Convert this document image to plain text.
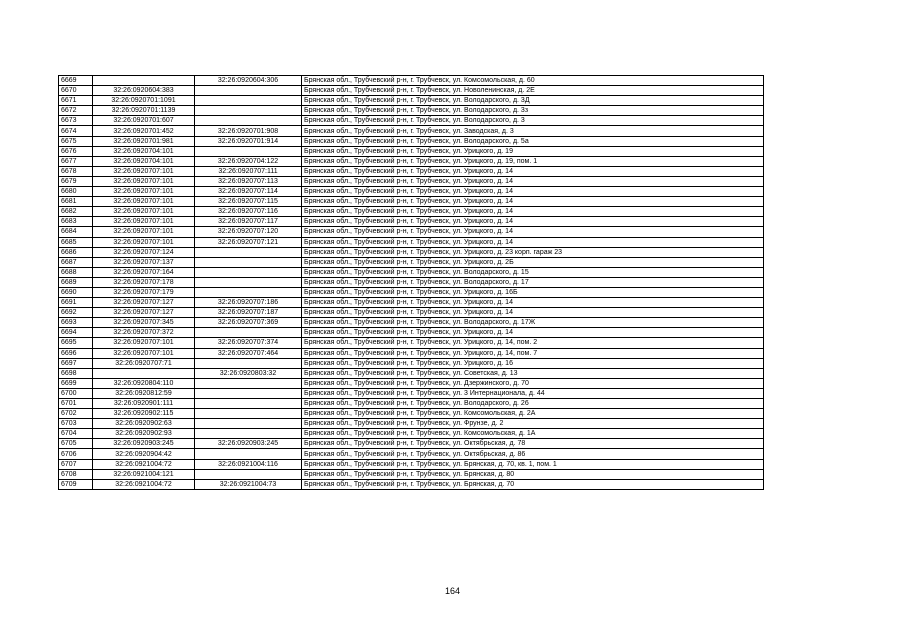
6669		32:26:0920604:306	Брянская обл., Трубчевский р-н, г. Трубчевск, ул. Комсомольская, д. 60
6670	32:26:0920604:383		Брянская обл., Трубчевский р-н, г. Трубчевск, ул. Новоленинская, д. 2Е
6671	32:26:0920701:1091		Брянская обл., Трубчевский р-н, г. Трубчевск, ул. Володарского, д. 3Д
6672	32:26:0920701:1139		Брянская обл., Трубчевский р-н, г. Трубчевск, ул. Володарского, д. 3з
6673	32:26:0920701:607		Брянская обл., Трубчевский р-н, г. Трубчевск, ул. Володарского, д. 3
6674	32:26:0920701:452	32:26:0920701:908	Брянская обл., Трубчевский р-н, г. Трубчевск, ул. Заводская, д. 3
6675	32:26:0920701:981	32:26:0920701:914	Брянская обл., Трубчевский р-н, г. Трубчевск, ул. Володарского, д. 5а
6676	32:26:0920704:101		Брянская обл., Трубчевский р-н, г. Трубчевск, ул. Урицкого, д. 19
6677	32:26:0920704:101	32:26:0920704:122	Брянская обл., Трубчевский р-н, г. Трубчевск, ул. Урицкого, д. 19, пом. 1
6678	32:26:0920707:101	32:26:0920707:111	Брянская обл., Трубчевский р-н, г. Трубчевск, ул. Урицкого, д. 14
6679	32:26:0920707:101	32:26:0920707:113	Брянская обл., Трубчевский р-н, г. Трубчевск, ул. Урицкого, д. 14
6680	32:26:0920707:101	32:26:0920707:114	Брянская обл., Трубчевский р-н, г. Трубчевск, ул. Урицкого, д. 14
6681	32:26:0920707:101	32:26:0920707:115	Брянская обл., Трубчевский р-н, г. Трубчевск, ул. Урицкого, д. 14
6682	32:26:0920707:101	32:26:0920707:116	Брянская обл., Трубчевский р-н, г. Трубчевск, ул. Урицкого, д. 14
6683	32:26:0920707:101	32:26:0920707:117	Брянская обл., Трубчевский р-н, г. Трубчевск, ул. Урицкого, д. 14
6684	32:26:0920707:101	32:26:0920707:120	Брянская обл., Трубчевский р-н, г. Трубчевск, ул. Урицкого, д. 14
6685	32:26:0920707:101	32:26:0920707:121	Брянская обл., Трубчевский р-н, г. Трубчевск, ул. Урицкого, д. 14
6686	32:26:0920707:124		Брянская обл., Трубчевский р-н, г. Трубчевск, ул. Урицкого, д. 23 корп. гараж 23
6687	32:26:0920707:137		Брянская обл., Трубчевский р-н, г. Трубчевск, ул. Урицкого, д. 2Б
6688	32:26:0920707:164		Брянская обл., Трубчевский р-н, г. Трубчевск, ул. Володарского, д. 15
6689	32:26:0920707:178		Брянская обл., Трубчевский р-н, г. Трубчевск, ул. Володарского, д. 17
6690	32:26:0920707:179		Брянская обл., Трубчевский р-н, г. Трубчевск, ул. Урицкого, д. 16Б
6691	32:26:0920707:127	32:26:0920707:186	Брянская обл., Трубчевский р-н, г. Трубчевск, ул. Урицкого, д. 14
6692	32:26:0920707:127	32:26:0920707:187	Брянская обл., Трубчевский р-н, г. Трубчевск, ул. Урицкого, д. 14
6693	32:26:0920707:345	32:26:0920707:369	Брянская обл., Трубчевский р-н, г. Трубчевск, ул. Володарского, д. 17Ж
6694	32:26:0920707:372		Брянская обл., Трубчевский р-н, г. Трубчевск, ул. Урицкого, д. 14
6695	32:26:0920707:101	32:26:0920707:374	Брянская обл., Трубчевский р-н, г. Трубчевск, ул. Урицкого, д. 14, пом. 2
6696	32:26:0920707:101	32:26:0920707:464	Брянская обл., Трубчевский р-н, г. Трубчевск, ул. Урицкого, д. 14, пом. 7
6697	32:26:0920707:71		Брянская обл., Трубчевский р-н, г. Трубчевск, ул. Урицкого, д. 16
6698		32:26:0920803:32	Брянская обл., Трубчевский р-н, г. Трубчевск, ул. Советская, д. 13
6699	32:26:0920804:110		Брянская обл., Трубчевский р-н, г. Трубчевск, ул. Дзержинского, д. 70
6700	32:26:0920812:59		Брянская обл., Трубчевский р-н, г. Трубчевск, ул. 3 Интернационала, д. 44
6701	32:26:0920901:111		Брянская обл., Трубчевский р-н, г. Трубчевск, ул. Володарского, д. 26
6702	32:26:0920902:115		Брянская обл., Трубчевский р-н, г. Трубчевск, ул. Комсомольская, д. 2А
6703	32:26:0920902:63		Брянская обл., Трубчевский р-н, г. Трубчевск, ул. Фрунзе, д. 2
6704	32:26:0920902:93		Брянская обл., Трубчевский р-н, г. Трубчевск, ул. Комсомольская, д. 1А
6705	32:26:0920903:245	32:26:0920903:245	Брянская обл., Трубчевский р-н, г. Трубчевск, ул. Октябрьская, д. 78
6706	32:26:0920904:42		Брянская обл., Трубчевский р-н, г. Трубчевск, ул. Октябрьская, д. 86
6707	32:26:0921004:72	32:26:0921004:116	Брянская обл., Трубчевский р-н, г. Трубчевск, ул. Брянская, д. 70, кв. 1, пом. 1
6708	32:26:0921004:121		Брянская обл., Трубчевский р-н, г. Трубчевск, ул. Брянская, д. 80
6709	32:26:0921004:72	32:26:0921004:73	Брянская обл., Трубчевский р-н, г. Трубчевск, ул. Брянская, д. 70
164
